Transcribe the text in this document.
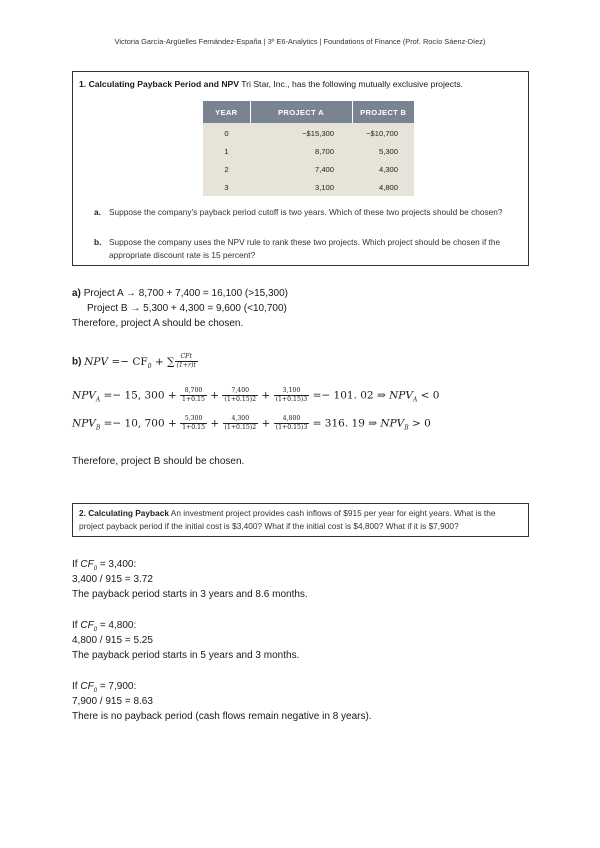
Victoria García-Argüelles Fernández-España | 3º E6-Analytics | Foundations of Finance (Prof. Rocío Sáenz-Díez)
1. Calculating Payback Period and NPV Tri Star, Inc., has the following mutually exclusive projects.
YEAR	PROJECT A	PROJECT B
0	−$15,300	−$10,700
1	8,700	5,300
2	7,400	4,300
3	3,100	4,800
a. Suppose the company's payback period cutoff is two years. Which of these two projects should be chosen?
b. Suppose the company uses the NPV rule to rank these two projects. Which project should be chosen if the appropriate discount rate is 15 percent?
a) Project A → 8,700 + 7,400 = 16,100 (>15,300)
Project B → 5,300 + 4,300 = 9,600 (<10,700)
Therefore, project A should be chosen.
b) NPV =− $CF_0$ + ∑ $\frac{\text{CFt}}{(1+r)t}$
$NPV_A =- 15$, $300 + \frac{8,700}{1+0.15} + \frac{7,400}{(1+0.15)2} + \frac{3,100}{(1+0.15)3} =- 101$. 02 ⇒ $NPV_A < 0$
$NPV_B =- 10$, $700 + \frac{5,300}{1+0.15} + \frac{4,300}{(1+0.15)2} + \frac{4,800}{(1+0.15)3} = 316$. 19 ⇒ $NPV_B > 0$
Therefore, project B should be chosen.
2. Calculating Payback An investment project provides cash inflows of $915 per year for eight years. What is the project payback period if the initial cost is $3,400? What if the initial cost is $4,800? What if it is $7,900?
If $CF_0 = 3,400$:
3,400 / 915 = 3.72
The payback period starts in 3 years and 8.6 months.
If $CF_0 = 4,800$:
4,800 / 915 = 5.25
The payback period starts in 5 years and 3 months.
If $CF_0 = 7,900$:
7,900 / 915 = 8.63
There is no payback period (cash flows remain negative in 8 years).
